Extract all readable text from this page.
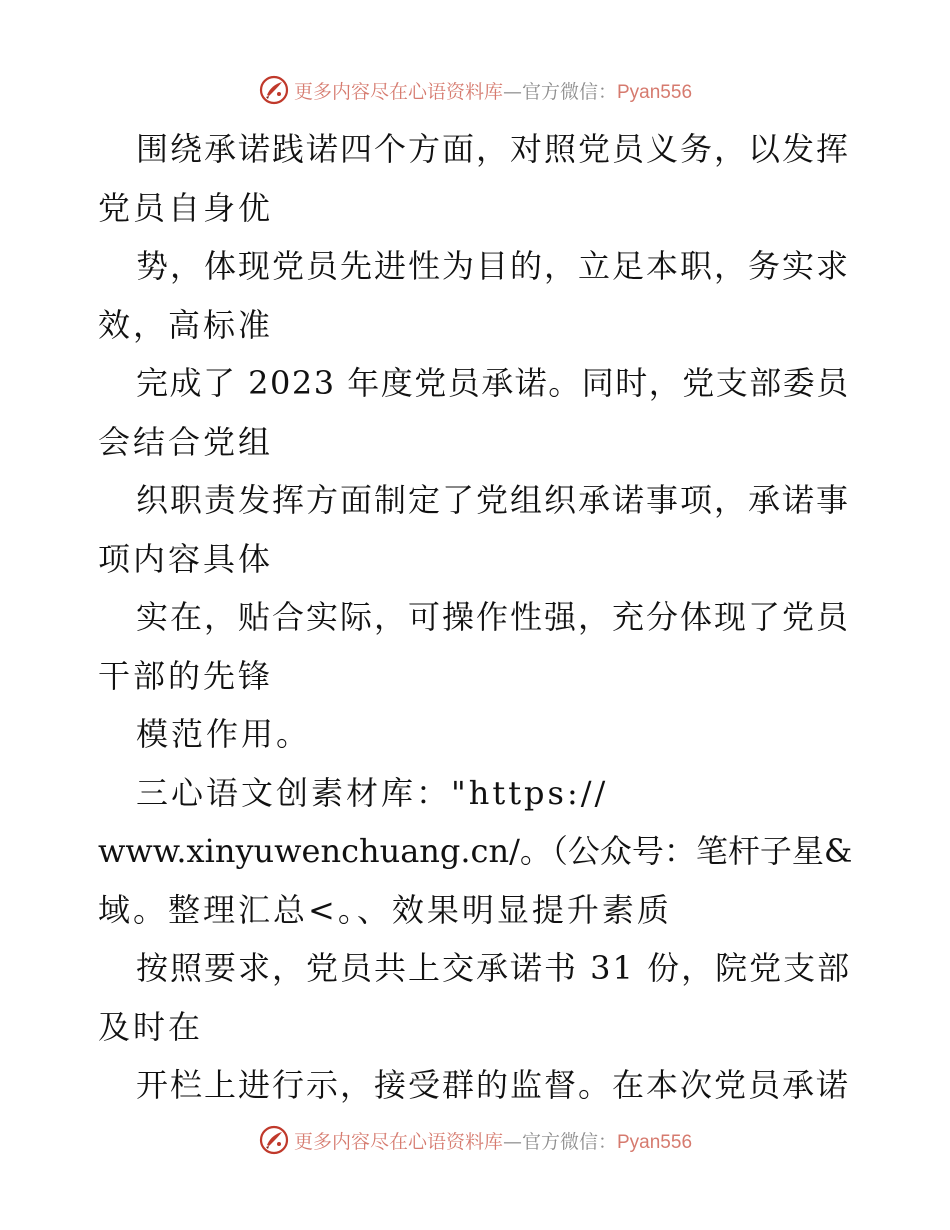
更多内容尽在心语资料库—官方微信：Pyan556
围绕承诺践诺四个方面，对照党员义务，以发挥
党员自身优
势，体现党员先进性为目的，立足本职，务实求
效，高标准
完成了 2023 年度党员承诺。同时，党支部委员
会结合党组
织职责发挥方面制定了党组织承诺事项，承诺事
项内容具体
实在，贴合实际，可操作性强，充分体现了党员
干部的先锋
模范作用。
三心语文创素材库："https://
www.xinyuwenchuang.cn/。（公众号：笔杆子星&
域。整理汇总<。、效果明显提升素质
按照要求，党员共上交承诺书 31 份，院党支部
及时在
开栏上进行示，接受群的监督。在本次党员承诺
更多内容尽在心语资料库—官方微信：Pyan556
